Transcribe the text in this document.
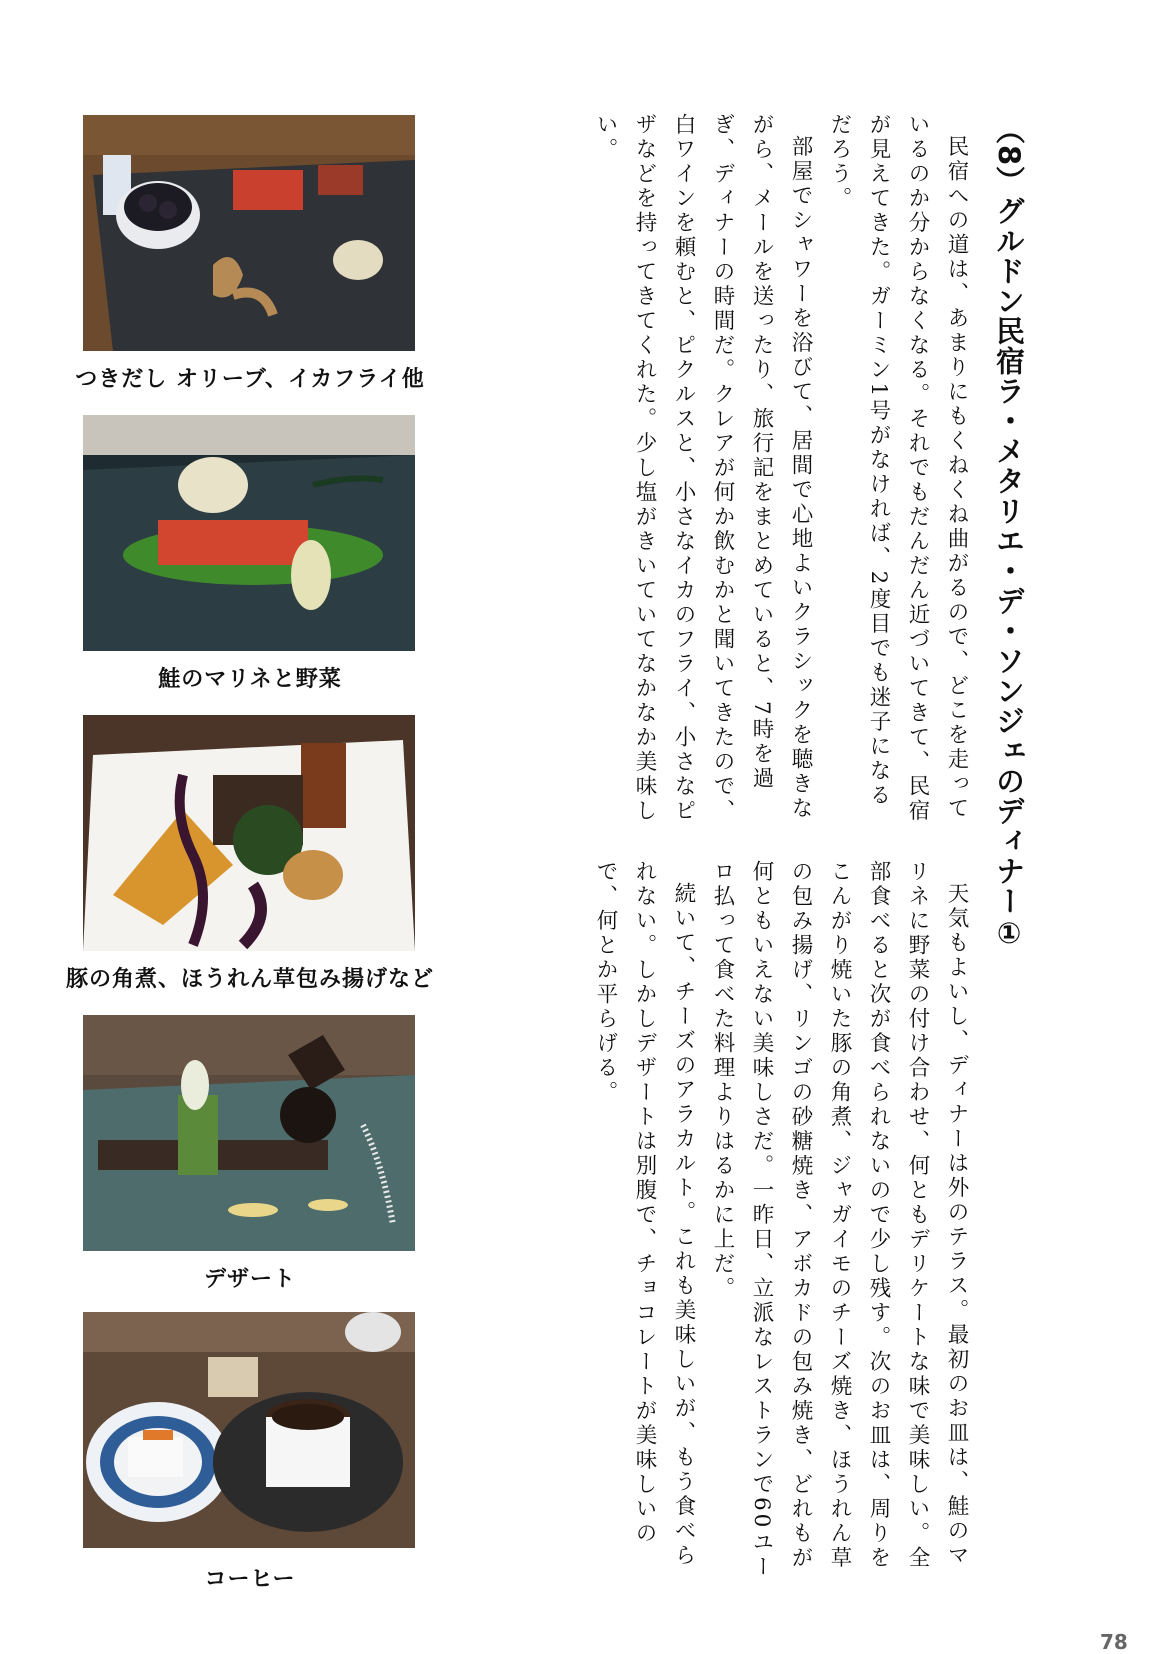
つきだし オリーブ、イカフライ他
鮭のマリネと野菜
豚の角煮、ほうれん草包み揚げなど
デザート
コーヒー
（8）グルドン民宿ラ・メタリエ・デ・ソンジェのディナー①

民宿への道は、あまりにもくねくね曲がるので、どこを走っているのか分からなくなる。それでもだんだん近づいてきて、民宿が見えてきた。ガーミン1号がなければ、2度目でも迷子になるだろう。

部屋でシャワーを浴びて、居間で心地よいクラシックを聴きながら、メールを送ったり、旅行記をまとめていると、7時を過ぎ、ディナーの時間だ。クレアが何か飲むかと聞いてきたので、白ワインを頼むと、ピクルスと、小さなイカのフライ、小さなピザなどを持ってきてくれた。少し塩がきいていてなかなか美味しい。

天気もよいし、ディナーは外のテラス。最初のお皿は、鮭のマリネに野菜の付け合わせ、何ともデリケートな味で美味しい。全部食べると次が食べられないので少し残す。次のお皿は、周りをこんがり焼いた豚の角煮、ジャガイモのチーズ焼き、ほうれん草の包み揚げ、リンゴの砂糖焼き、アボカドの包み焼き、どれもが何ともいえない美味しさだ。一昨日、立派なレストランで60ユーロ払って食べた料理よりはるかに上だ。

続いて、チーズのアラカルト。これも美味しいが、もう食べられない。しかしデザートは別腹で、チョコレートが美味しいので、何とか平らげる。

78
